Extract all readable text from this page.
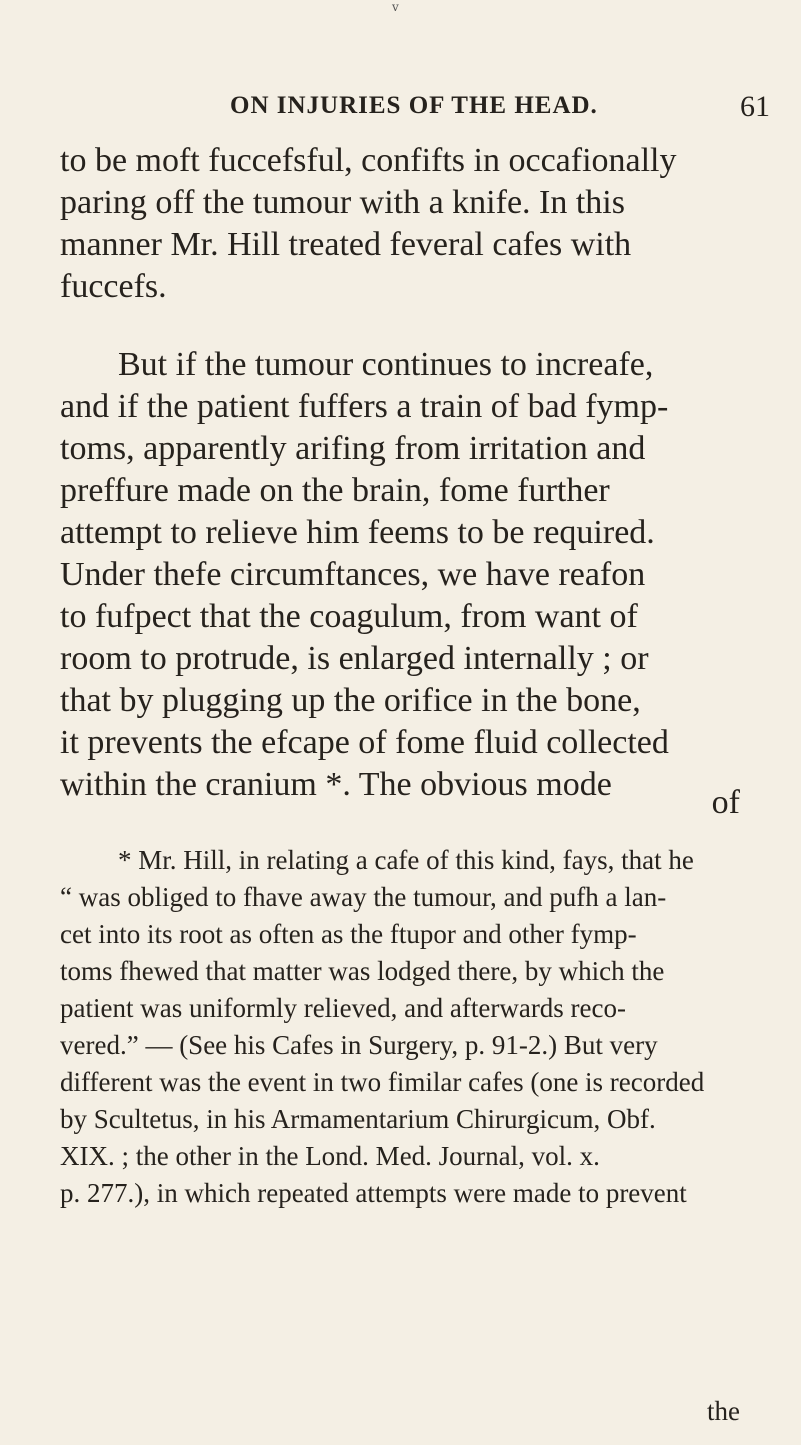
v
ON INJURIES OF THE HEAD.	61

to be moft fuccefsful, confifts in occafionally
paring off the tumour with a knife. In this
manner Mr. Hill treated feveral cafes with
fuccefs.

But if the tumour continues to increafe,
and if the patient fuffers a train of bad fymp-
toms, apparently arifing from irritation and
preffure made on the brain, fome further
attempt to relieve him feems to be required.
Under thefe circumftances, we have reafon
to fufpect that the coagulum, from want of
room to protrude, is enlarged internally ; or
that by plugging up the orifice in the bone,
it prevents the efcape of fome fluid collected
within the cranium *. The obvious mode	of

* Mr. Hill, in relating a cafe of this kind, fays, that he
“ was obliged to fhave away the tumour, and pufh a lan-
cet into its root as often as the ftupor and other fymp-
toms fhewed that matter was lodged there, by which the
patient was uniformly relieved, and afterwards reco-
vered.” — (See his Cafes in Surgery, p. 91-2.) But very
different was the event in two fimilar cafes (one is recorded
by Scultetus, in his Armamentarium Chirurgicum, Obf.
XIX. ; the other in the Lond. Med. Journal, vol. x.
p. 277.), in which repeated attempts were made to prevent

the
